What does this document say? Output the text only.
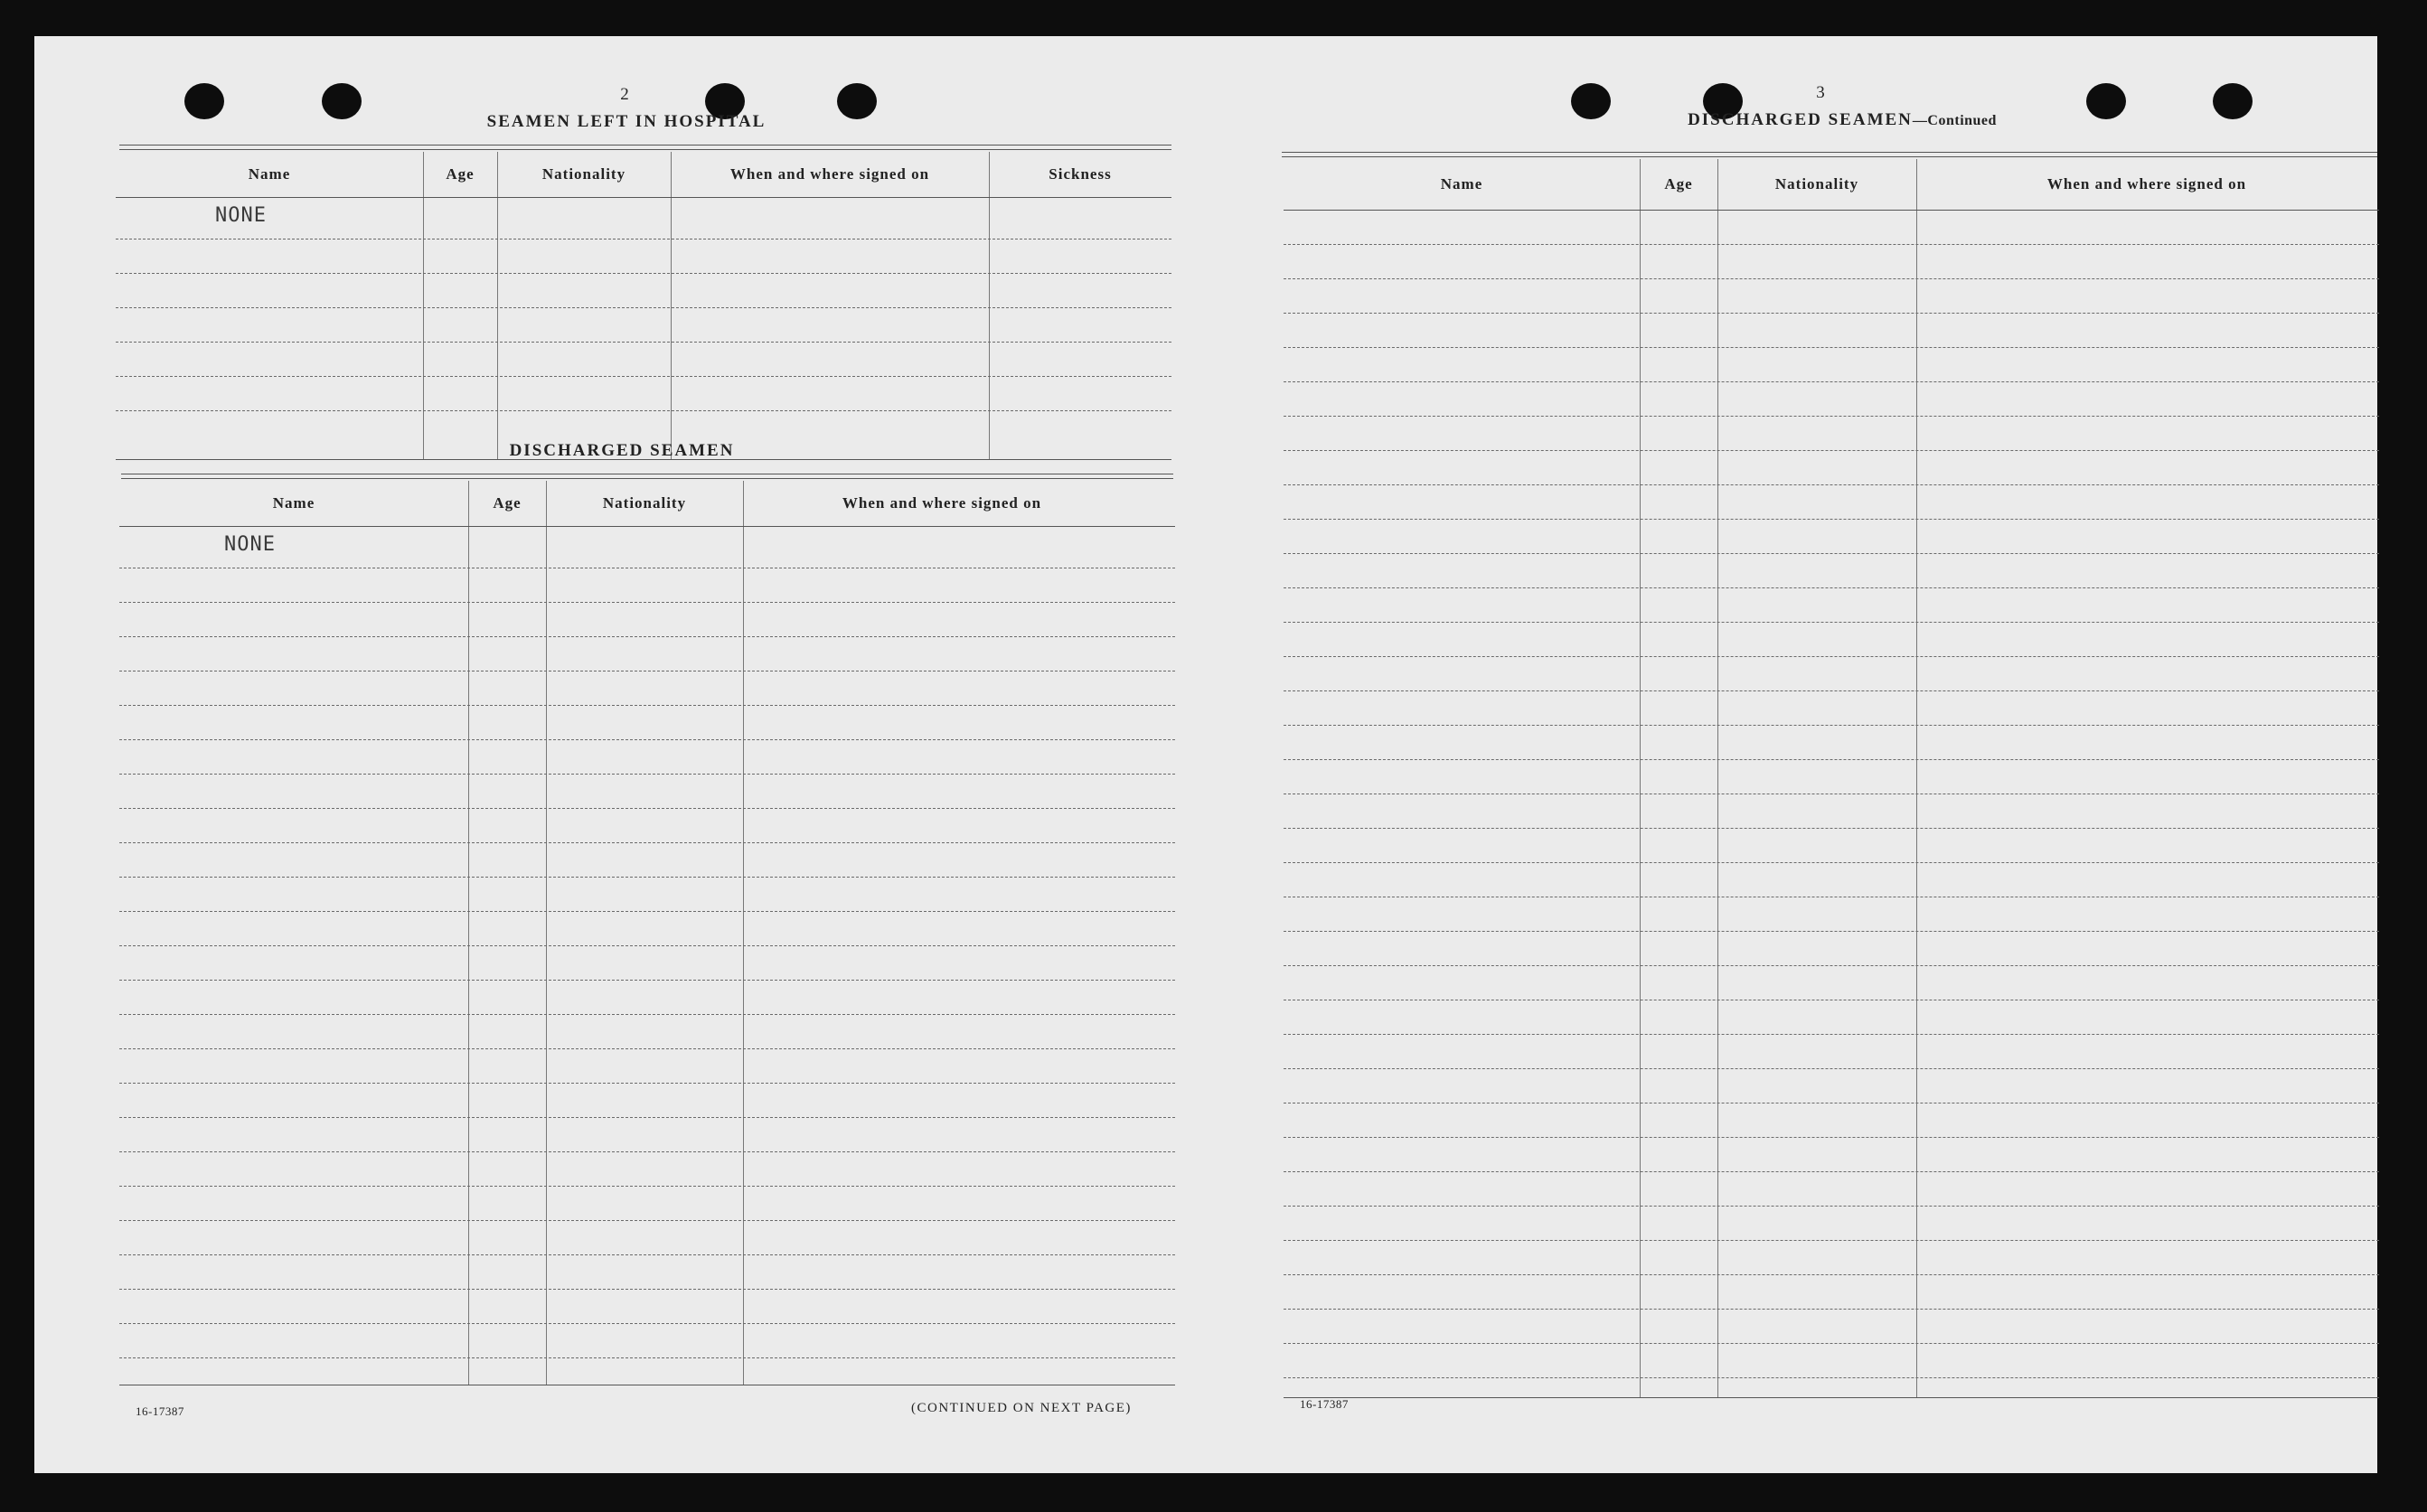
2
SEAMEN LEFT IN HOSPITAL
Name	Age	Nationality	When and where signed on	Sickness
NONE
DISCHARGED SEAMEN
Name	Age	Nationality	When and where signed on
NONE
16-17387	(CONTINUED ON NEXT PAGE)
3
DISCHARGED SEAMEN—Continued
Name	Age	Nationality	When and where signed on
16-17387
